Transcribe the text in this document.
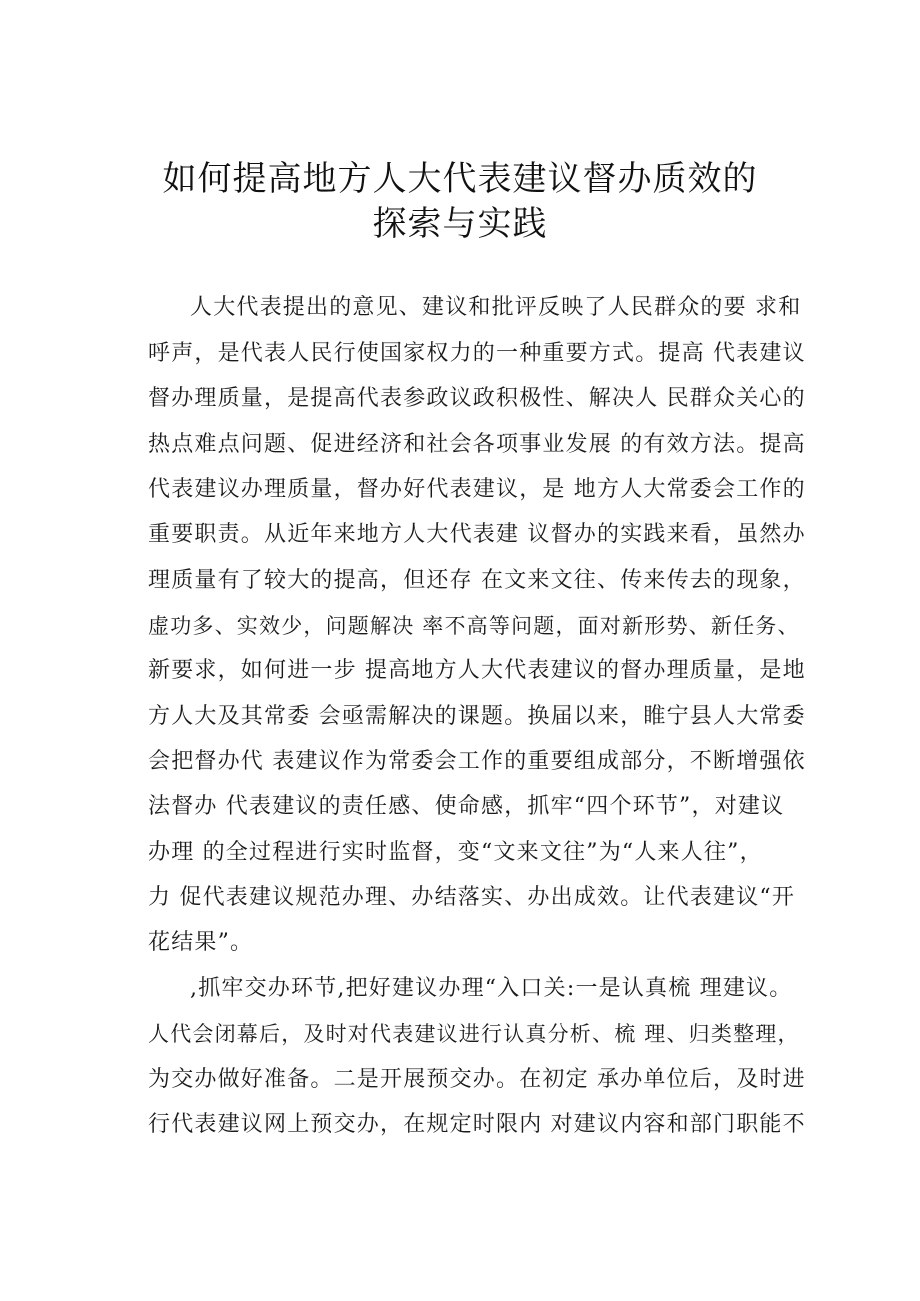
如何提高地方人大代表建议督办质效的
探索与实践
人大代表提出的意见、建议和批评反映了人民群众的要 求和
呼声，是代表人民行使国家权力的一种重要方式。提高 代表建议
督办理质量，是提高代表参政议政积极性、解决人 民群众关心的
热点难点问题、促进经济和社会各项事业发展 的有效方法。提高
代表建议办理质量，督办好代表建议，是 地方人大常委会工作的
重要职责。从近年来地方人大代表建 议督办的实践来看，虽然办
理质量有了较大的提高，但还存 在文来文往、传来传去的现象，
虚功多、实效少，问题解决 率不高等问题，面对新形势、新任务、
新要求，如何进一步 提高地方人大代表建议的督办理质量，是地
方人大及其常委 会亟需解决的课题。换届以来，睢宁县人大常委
会把督办代 表建议作为常委会工作的重要组成部分，不断增强依
法督办 代表建议的责任感、使命感，抓牢“四个环节”，对建议
办理 的全过程进行实时监督，变“文来文往”为“人来人往”，
力 促代表建议规范办理、办结落实、办出成效。让代表建议“开
花结果”。
,抓牢交办环节,把好建议办理“入口关:一是认真梳 理建议。
人代会闭幕后，及时对代表建议进行认真分析、梳 理、归类整理，
为交办做好准备。二是开展预交办。在初定 承办单位后，及时进
行代表建议网上预交办，在规定时限内 对建议内容和部门职能不
